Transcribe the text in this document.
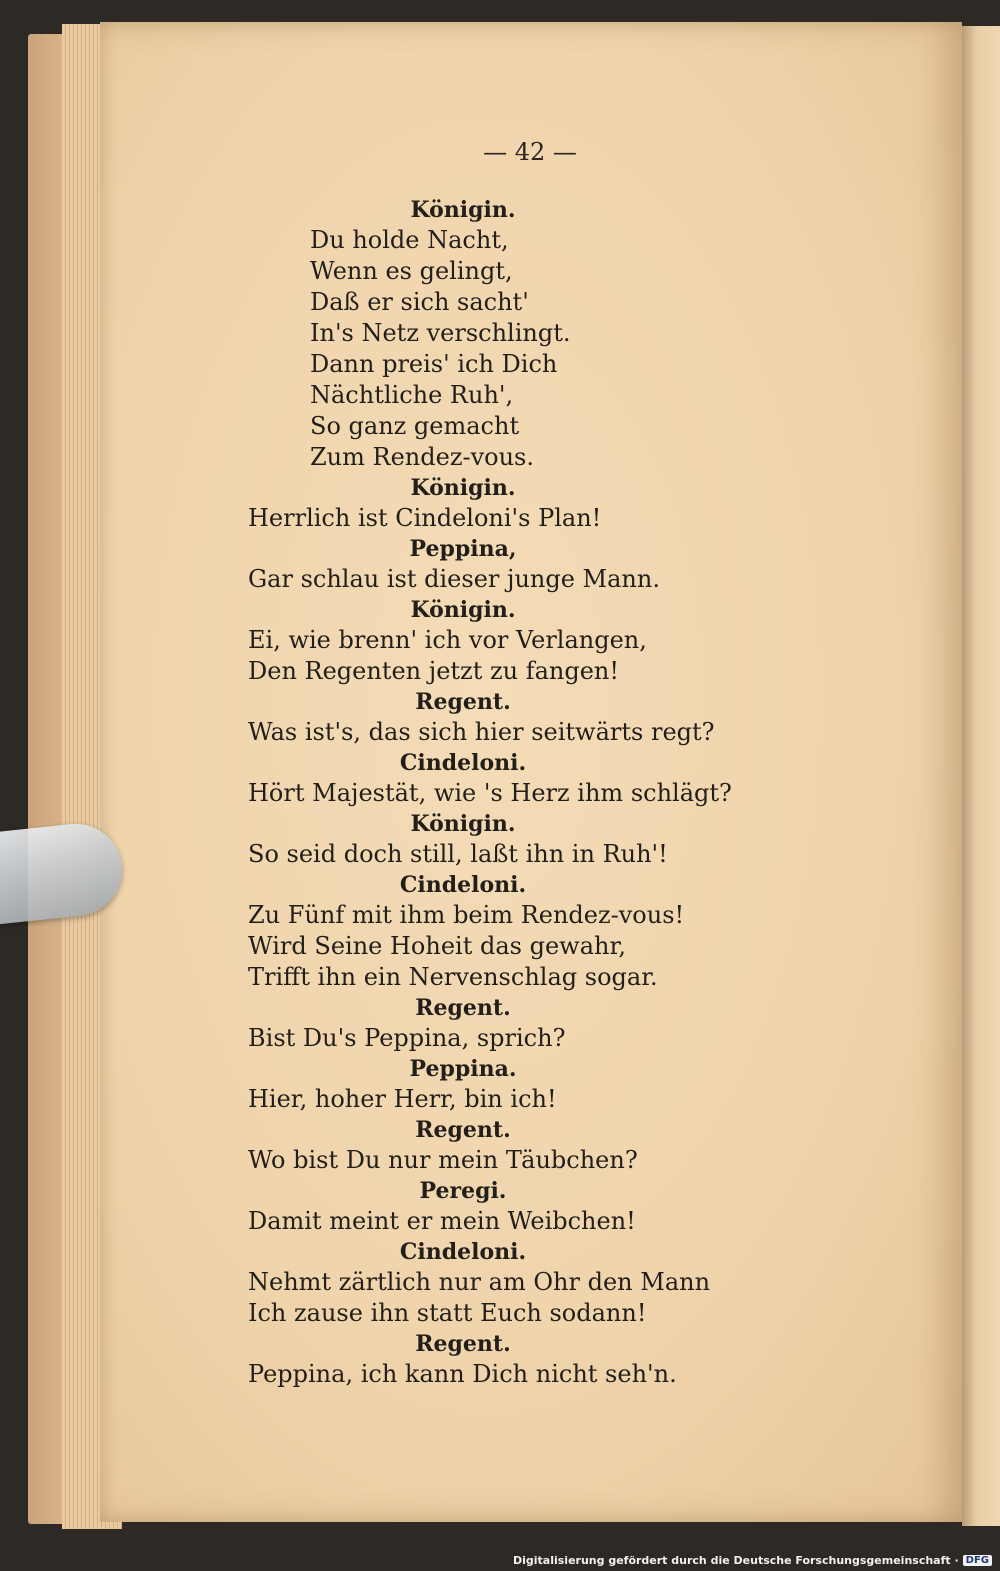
— 42 —
Königin.
Du holde Nacht,
Wenn es gelingt,
Daß er sich sacht'
In's Netz verschlingt.
Dann preis' ich Dich
Nächtliche Ruh',
So ganz gemacht
Zum Rendez-vous.
Königin.
Herrlich ist Cindeloni's Plan!
Peppina,
Gar schlau ist dieser junge Mann.
Königin.
Ei, wie brenn' ich vor Verlangen,
Den Regenten jetzt zu fangen!
Regent.
Was ist's, das sich hier seitwärts regt?
Cindeloni.
Hört Majestät, wie 's Herz ihm schlägt?
Königin.
So seid doch still, laßt ihn in Ruh'!
Cindeloni.
Zu Fünf mit ihm beim Rendez-vous!
Wird Seine Hoheit das gewahr,
Trifft ihn ein Nervenschlag sogar.
Regent.
Bist Du's Peppina, sprich?
Peppina.
Hier, hoher Herr, bin ich!
Regent.
Wo bist Du nur mein Täubchen?
Peregi.
Damit meint er mein Weibchen!
Cindeloni.
Nehmt zärtlich nur am Ohr den Mann
Ich zause ihn statt Euch sodann!
Regent.
Peppina, ich kann Dich nicht seh'n.
Digitalisierung gefördert durch die Deutsche Forschungsgemeinschaft · DFG
